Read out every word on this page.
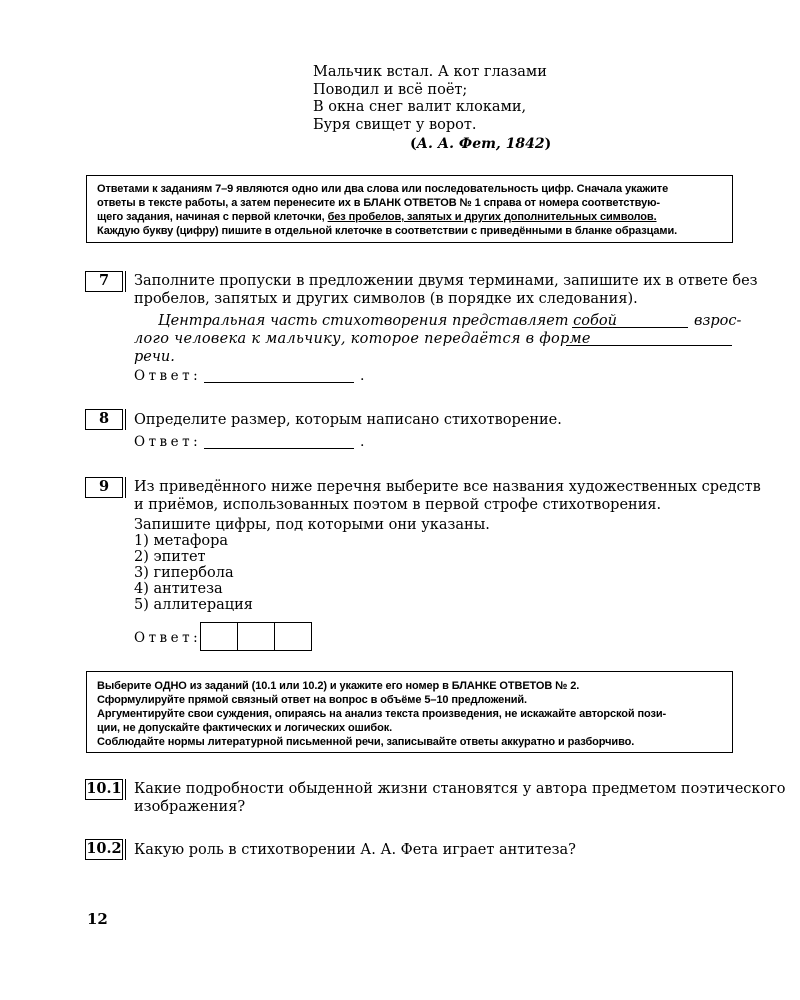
Мальчик встал. А кот глазами
Поводил и всё поёт;
В окна снег валит клоками,
Буря свищет у ворот.
(А. А. Фет, 1842)
Ответами к заданиям 7–9 являются одно или два слова или последовательность цифр. Сначала укажите
ответы в тексте работы, а затем перенесите их в БЛАНК ОТВЕТОВ № 1 справа от номера соответствую-
щего задания, начиная с первой клеточки, без пробелов, запятых и других дополнительных символов.
Каждую букву (цифру) пишите в отдельной клеточке в соответствии с приведёнными в бланке образцами.
7	Заполните пропуски в предложении двумя терминами, запишите их в ответе без
пробелов, запятых и других символов (в порядке их следования).
Центральная часть стихотворения представляет собой	взрос-
лого человека к мальчику, которое передаётся в форме
речи.
Ответ:	.
8	Определите размер, которым написано стихотворение.
Ответ:	.
9	Из приведённого ниже перечня выберите все названия художественных средств
и приёмов, использованных поэтом в первой строфе стихотворения.
Запишите цифры, под которыми они указаны.
1) метафора
2) эпитет
3) гипербола
4) антитеза
5) аллитерация
Ответ:
Выберите ОДНО из заданий (10.1 или 10.2) и укажите его номер в БЛАНКЕ ОТВЕТОВ № 2.
Сформулируйте прямой связный ответ на вопрос в объёме 5–10 предложений.
Аргументируйте свои суждения, опираясь на анализ текста произведения, не искажайте авторской пози-
ции, не допускайте фактических и логических ошибок.
Соблюдайте нормы литературной письменной речи, записывайте ответы аккуратно и разборчиво.
10.1 Какие подробности обыденной жизни становятся у автора предметом поэтического
изображения?
10.2 Какую роль в стихотворении А. А. Фета играет антитеза?
12
